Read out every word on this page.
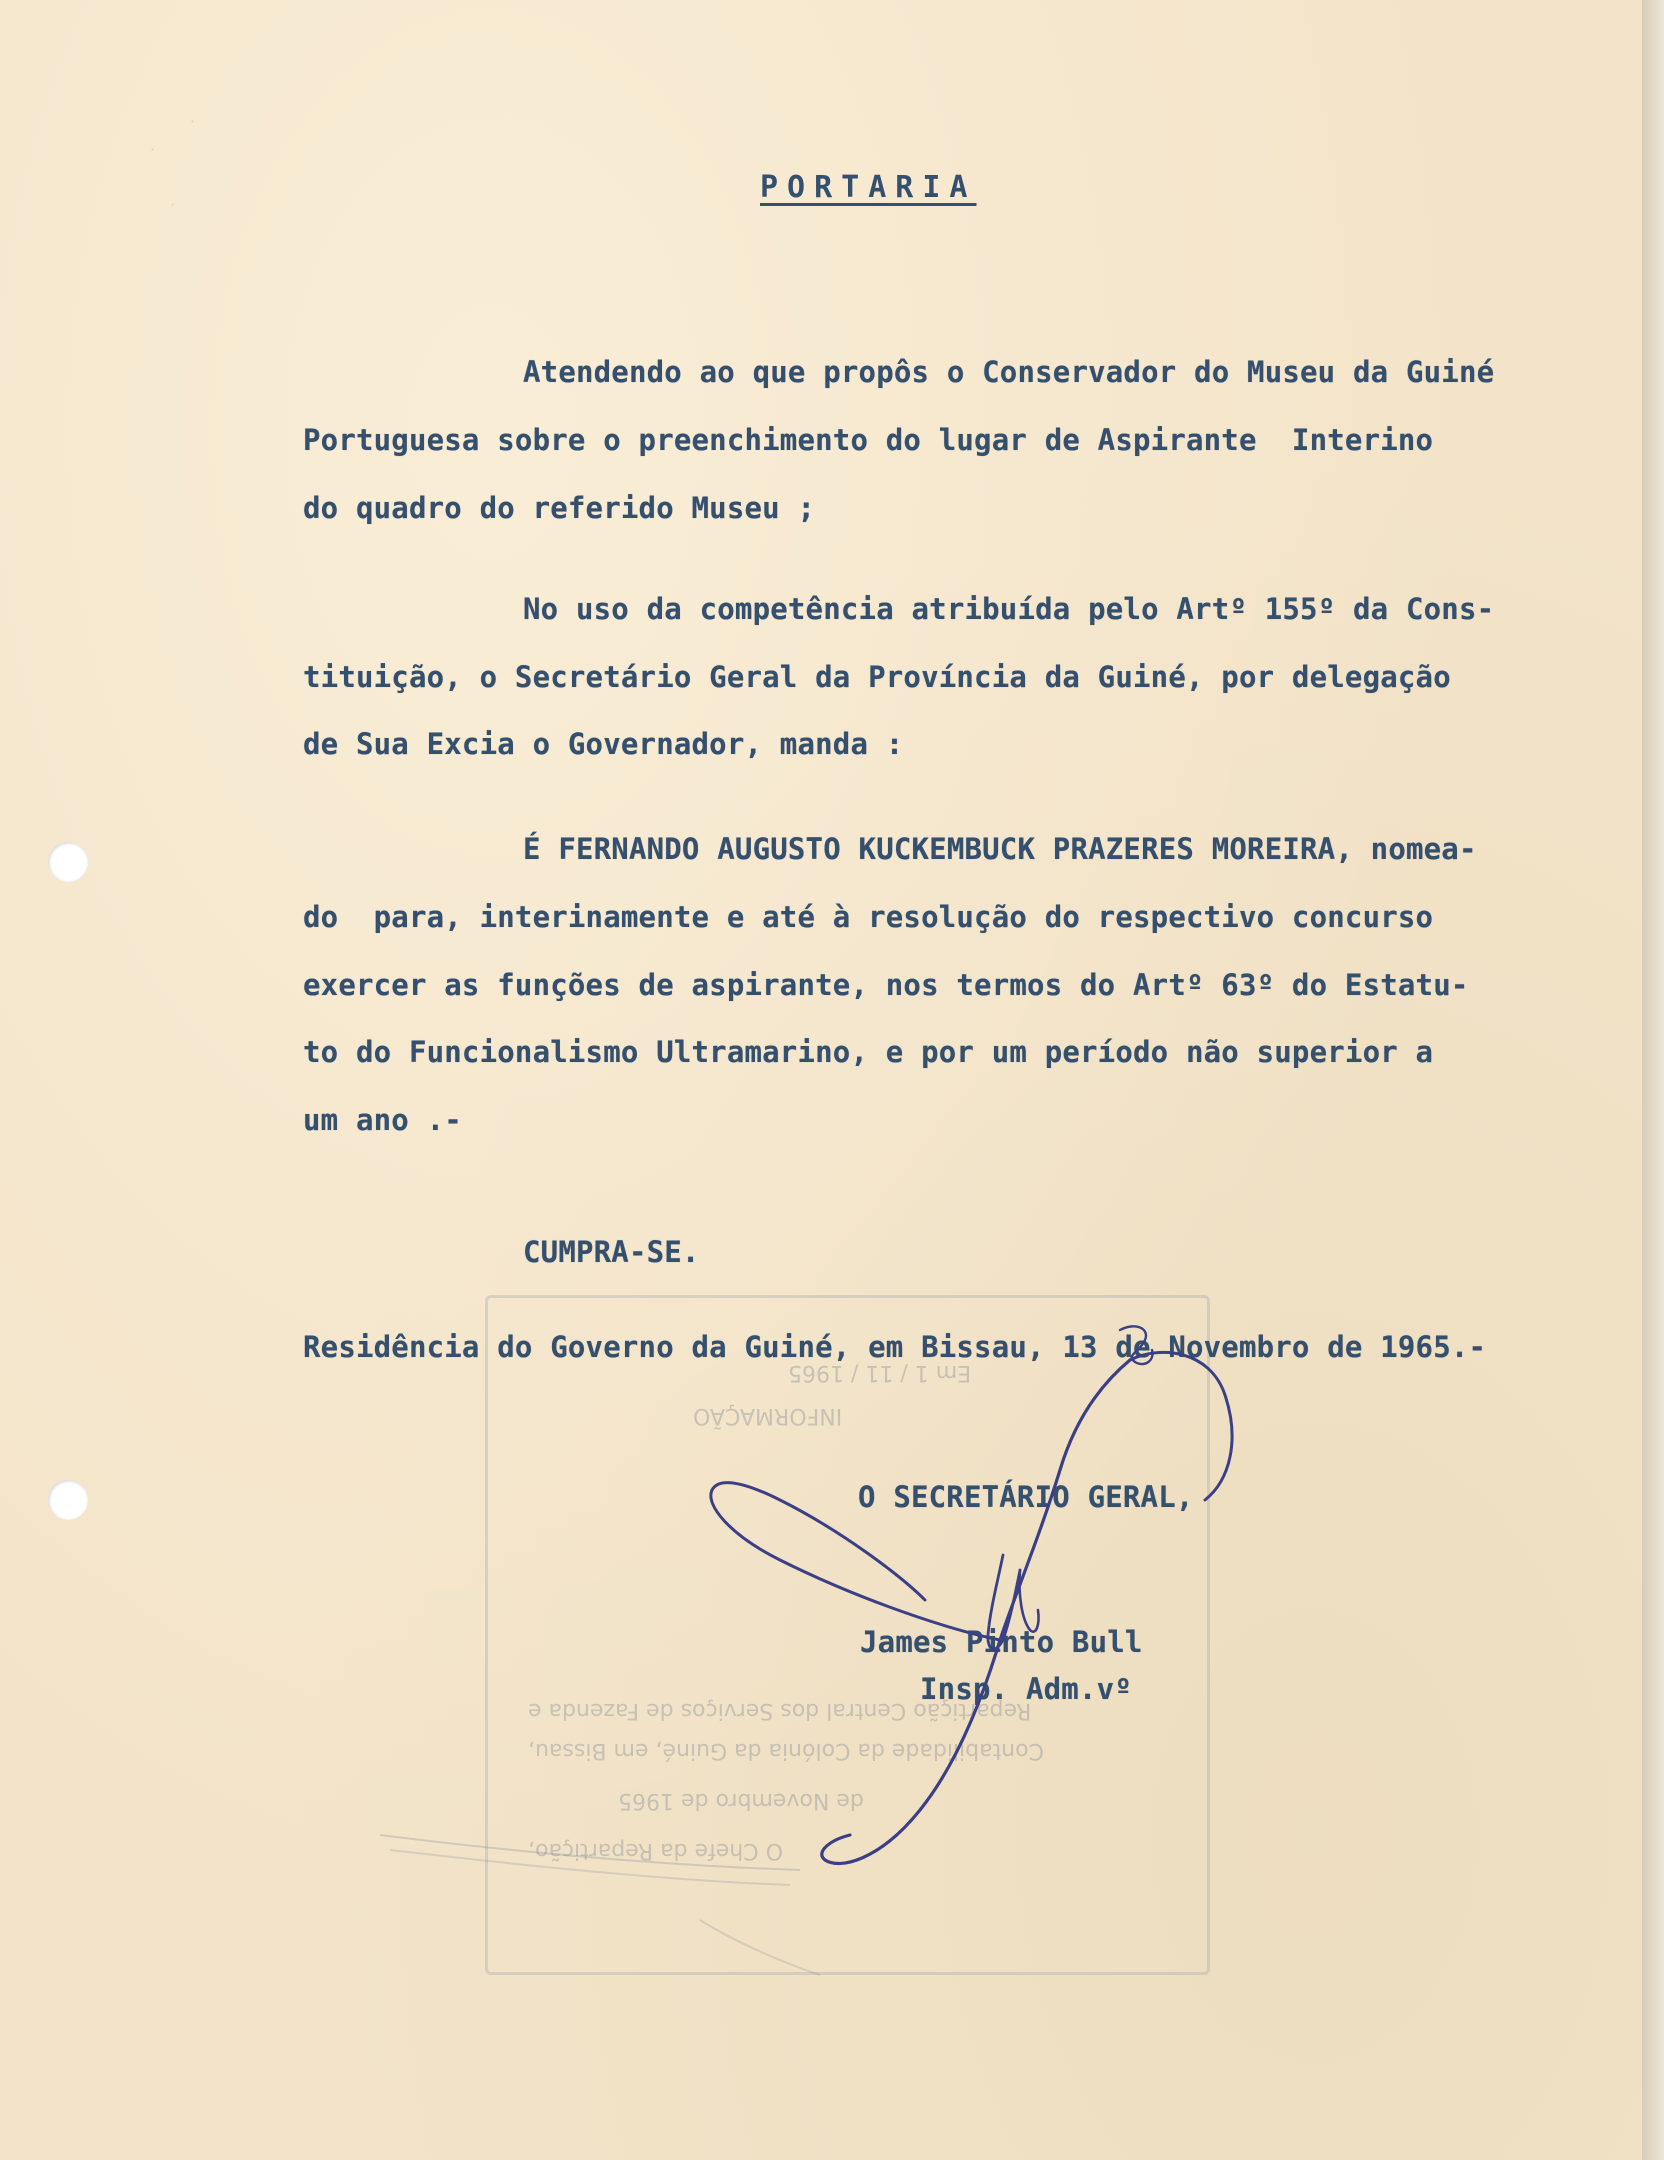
·
·
·
INFORMAÇÃO
Em 1 / 11 / 1965
Repartição Central dos Serviços de Fazenda e
Contabilidade da Colónia da Guiné, em Bissau,
de Novembro de 1965
O Chefe da Repartição,
PORTARIA
Atendendo ao que propôs o Conservador do Museu da Guiné
Portuguesa sobre o preenchimento do lugar de Aspirante  Interino
do quadro do referido Museu ;
No uso da competência atribuída pelo Artº 155º da Cons-
tituição, o Secretário Geral da Província da Guiné, por delegação
de Sua Excia o Governador, manda :
É FERNANDO AUGUSTO KUCKEMBUCK PRAZERES MOREIRA, nomea-
do  para, interinamente e até à resolução do respectivo concurso
exercer as funções de aspirante, nos termos do Artº 63º do Estatu-
to do Funcionalismo Ultramarino, e por um período não superior a
um ano .-
CUMPRA-SE.
Residência do Governo da Guiné, em Bissau, 13 de Novembro de 1965.-
O SECRETÁRIO GERAL,
James Pinto Bull
Insp. Adm.vº
